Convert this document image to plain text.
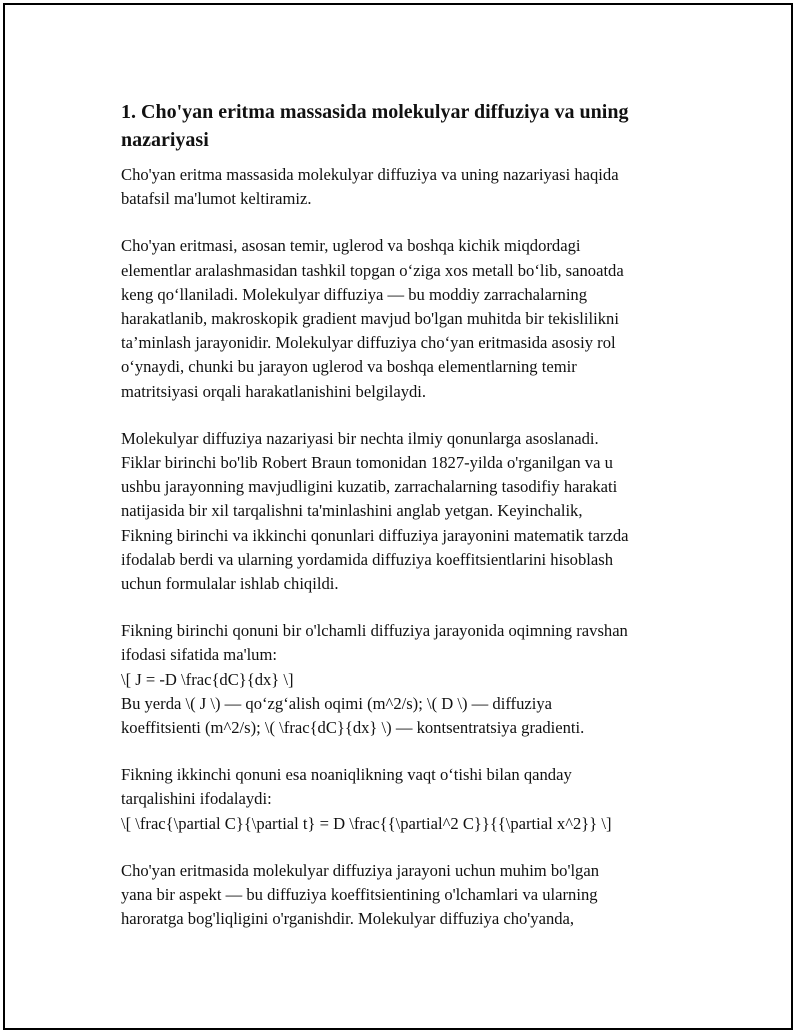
1. Cho'yan eritma massasida molekulyar diffuziya va uning
nazariyasi

Cho'yan eritma massasida molekulyar diffuziya va uning nazariyasi haqida
batafsil ma'lumot keltiramiz.

Cho'yan eritmasi, asosan temir, uglerod va boshqa kichik miqdordagi
elementlar aralashmasidan tashkil topgan o‘ziga xos metall bo‘lib, sanoatda
keng qo‘llaniladi. Molekulyar diffuziya — bu moddiy zarrachalarning
harakatlanib, makroskopik gradient mavjud bo'lgan muhitda bir tekislilikni
ta’minlash jarayonidir. Molekulyar diffuziya cho‘yan eritmasida asosiy rol
o‘ynaydi, chunki bu jarayon uglerod va boshqa elementlarning temir
matritsiyasi orqali harakatlanishini belgilaydi.

Molekulyar diffuziya nazariyasi bir nechta ilmiy qonunlarga asoslanadi.
Fiklar birinchi bo'lib Robert Braun tomonidan 1827-yilda o'rganilgan va u
ushbu jarayonning mavjudligini kuzatib, zarrachalarning tasodifiy harakati
natijasida bir xil tarqalishni ta'minlashini anglab yetgan. Keyinchalik,
Fikning birinchi va ikkinchi qonunlari diffuziya jarayonini matematik tarzda
ifodalab berdi va ularning yordamida diffuziya koeffitsientlarini hisoblash
uchun formulalar ishlab chiqildi.

Fikning birinchi qonuni bir o'lchamli diffuziya jarayonida oqimning ravshan
ifodasi sifatida ma'lum:
\[ J = -D \frac{dC}{dx} \]
Bu yerda \( J \) — qo‘zg‘alish oqimi (m^2/s); \( D \) — diffuziya
koeffitsienti (m^2/s); \( \frac{dC}{dx} \) — kontsentratsiya gradienti.

Fikning ikkinchi qonuni esa noaniqlikning vaqt o‘tishi bilan qanday
tarqalishini ifodalaydi:
\[ \frac{\partial C}{\partial t} = D \frac{{\partial^2 C}}{{\partial x^2}} \]

Cho'yan eritmasida molekulyar diffuziya jarayoni uchun muhim bo'lgan
yana bir aspekt — bu diffuziya koeffitsientining o'lchamlari va ularning
haroratga bog'liqligini o'rganishdir. Molekulyar diffuziya cho'yanda,
